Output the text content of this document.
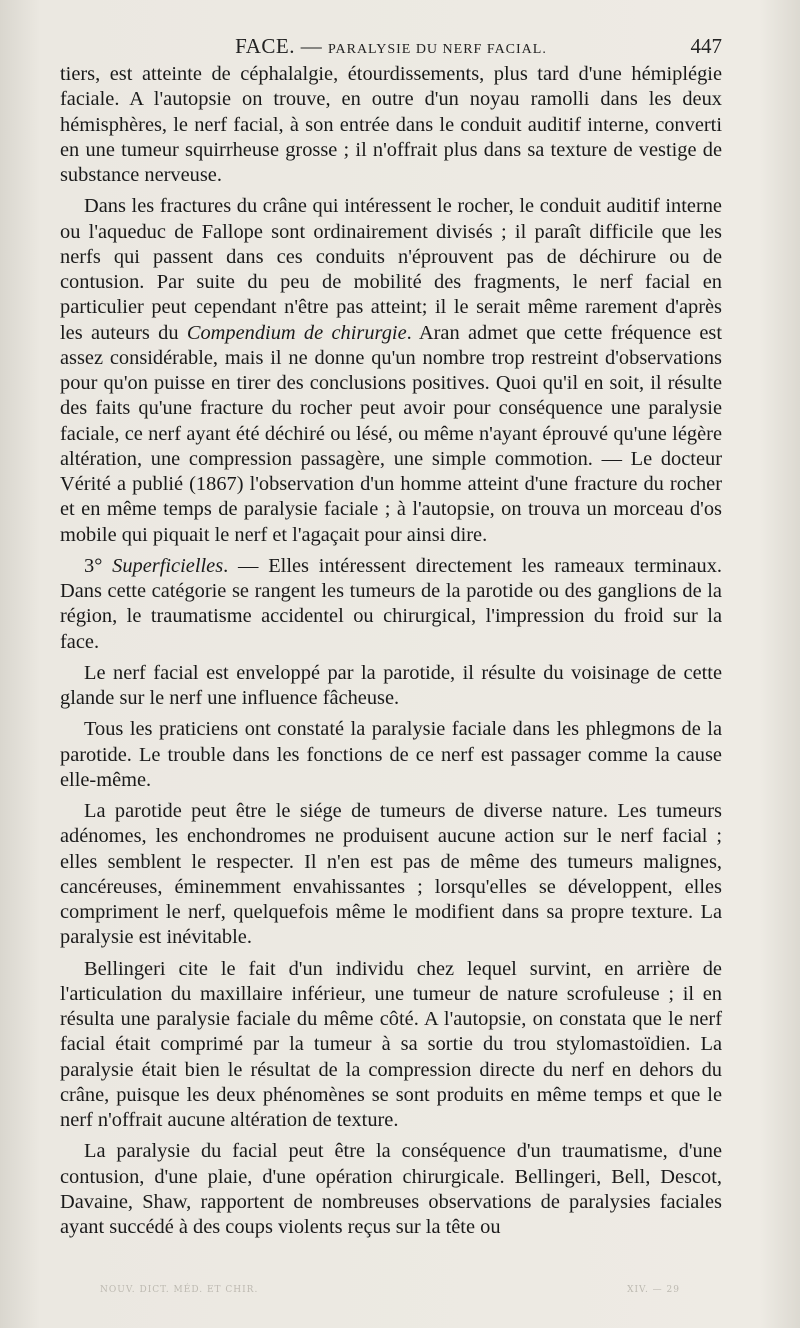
FACE. — PARALYSIE DU NERF FACIAL.	447

tiers, est atteinte de céphalalgie, étourdissements, plus tard d'une hémiplégie faciale. A l'autopsie on trouve, en outre d'un noyau ramolli dans les deux hémisphères, le nerf facial, à son entrée dans le conduit auditif interne, converti en une tumeur squirrheuse grosse ; il n'offrait plus dans sa texture de vestige de substance nerveuse.

Dans les fractures du crâne qui intéressent le rocher, le conduit auditif interne ou l'aqueduc de Fallope sont ordinairement divisés ; il paraît difficile que les nerfs qui passent dans ces conduits n'éprouvent pas de déchirure ou de contusion. Par suite du peu de mobilité des fragments, le nerf facial en particulier peut cependant n'être pas atteint; il le serait même rarement d'après les auteurs du Compendium de chirurgie. Aran admet que cette fréquence est assez considérable, mais il ne donne qu'un nombre trop restreint d'observations pour qu'on puisse en tirer des conclusions positives. Quoi qu'il en soit, il résulte des faits qu'une fracture du rocher peut avoir pour conséquence une paralysie faciale, ce nerf ayant été déchiré ou lésé, ou même n'ayant éprouvé qu'une légère altération, une compression passagère, une simple commotion. — Le docteur Vérité a publié (1867) l'observation d'un homme atteint d'une fracture du rocher et en même temps de paralysie faciale ; à l'autopsie, on trouva un morceau d'os mobile qui piquait le nerf et l'agaçait pour ainsi dire.

3° Superficielles. — Elles intéressent directement les rameaux terminaux. Dans cette catégorie se rangent les tumeurs de la parotide ou des ganglions de la région, le traumatisme accidentel ou chirurgical, l'impression du froid sur la face.

Le nerf facial est enveloppé par la parotide, il résulte du voisinage de cette glande sur le nerf une influence fâcheuse.

Tous les praticiens ont constaté la paralysie faciale dans les phlegmons de la parotide. Le trouble dans les fonctions de ce nerf est passager comme la cause elle-même.

La parotide peut être le siége de tumeurs de diverse nature. Les tumeurs adénomes, les enchondromes ne produisent aucune action sur le nerf facial ; elles semblent le respecter. Il n'en est pas de même des tumeurs malignes, cancéreuses, éminemment envahissantes ; lorsqu'elles se développent, elles compriment le nerf, quelquefois même le modifient dans sa propre texture. La paralysie est inévitable.

Bellingeri cite le fait d'un individu chez lequel survint, en arrière de l'articulation du maxillaire inférieur, une tumeur de nature scrofuleuse ; il en résulta une paralysie faciale du même côté. A l'autopsie, on constata que le nerf facial était comprimé par la tumeur à sa sortie du trou stylomastoïdien. La paralysie était bien le résultat de la compression directe du nerf en dehors du crâne, puisque les deux phénomènes se sont produits en même temps et que le nerf n'offrait aucune altération de texture.

La paralysie du facial peut être la conséquence d'un traumatisme, d'une contusion, d'une plaie, d'une opération chirurgicale. Bellingeri, Bell, Descot, Davaine, Shaw, rapportent de nombreuses observations de paralysies faciales ayant succédé à des coups violents reçus sur la tête ou

NOUV. DICT. MÉD. ET CHIR.	XIV. — 29
